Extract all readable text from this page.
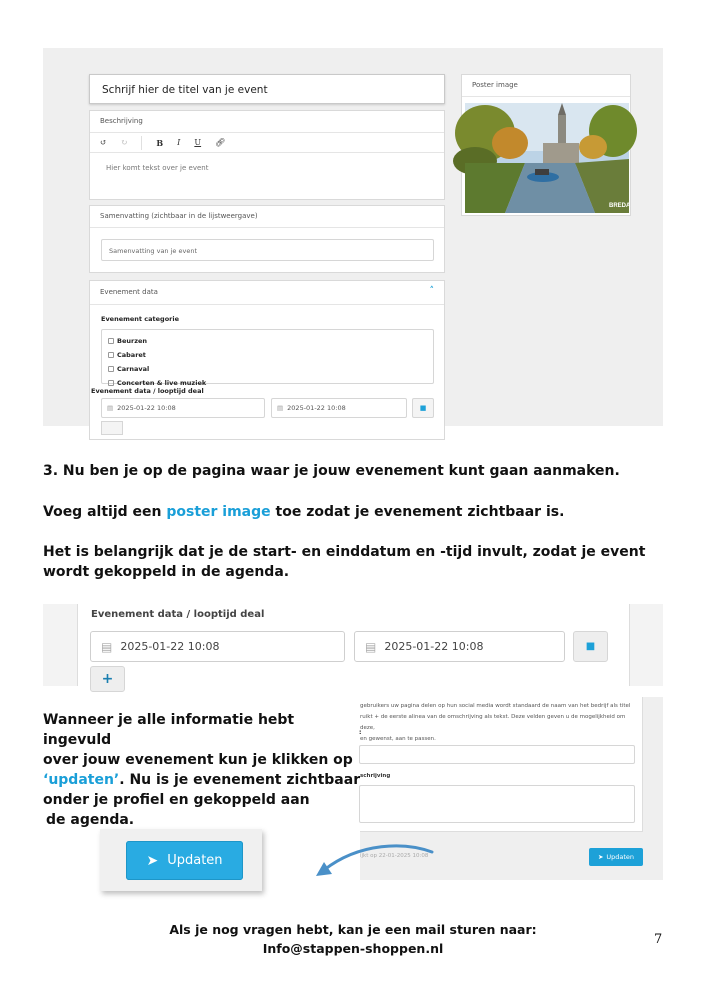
Schrijf hier de titel van je event
Beschrijving
↺ ↻	B I U 🔗︎
Hier komt tekst over je event
Samenvatting (zichtbaar in de lijstweergave)
Samenvatting van je event
Evenement data	˄
Evenement categorie
Beurzen
Cabaret
Carnaval
Concerten & live muziek
Evenement data / looptijd deal
▤ 2025-01-22 10:08	▤ 2025-01-22 10:08	■
Poster image
BREDA
3. Nu ben je op de pagina waar je jouw evenement kunt gaan aanmaken.
Voeg altijd een poster image toe zodat je evenement zichtbaar is.
Het is belangrijk dat je de start- en einddatum en -tijd invult, zodat je event wordt gekoppeld in de agenda.
Evenement data / looptijd deal
▤ 2025-01-22 10:08	▤ 2025-01-22 10:08	■
+
Wanneer je alle informatie hebt ingevuld
over jouw evenement kun je klikken op
‘updaten’. Nu is je evenement zichtbaar
onder je profiel en gekoppeld aan
de agenda.
gebruikers uw pagina delen op hun social media wordt standaard de naam van het bedrijf als titel
ruikt + de eerste alinea van de omschrijving als tekst. Deze velden geven u de mogelijkheid om deze,
en gewenst, aan te passen.
:
schrijving
ijkt op 22-01-2025 10:08	➤ Updaten
➤ Updaten
Als je nog vragen hebt, kan je een mail sturen naar:
Info@stappen-shoppen.nl
7
